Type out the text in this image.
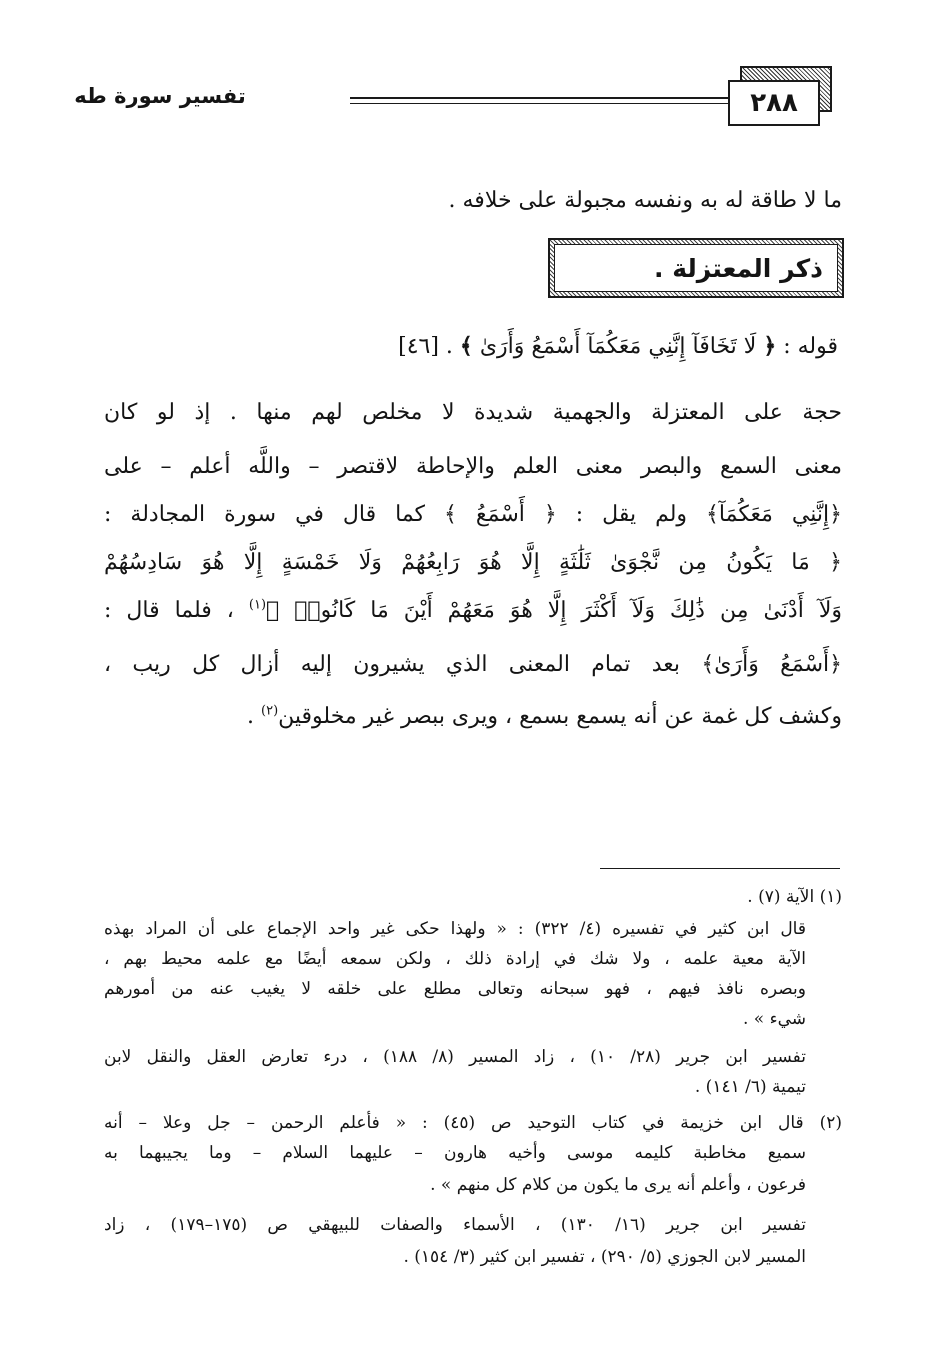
٢٨٨
تفسير سورة طه
ما لا طاقة له به ونفسه مجبولة على خلافه .
ذكر المعتزلة .
قوله : ﴿ لَا تَخَافَآ إِنَّنِي مَعَكُمَآ أَسْمَعُ وَأَرَىٰ ﴾ . [٤٦]
حجة على المعتزلة والجهمية شديدة لا مخلص لهم منها . إذ لو كان
معنى السمع والبصر معنى العلم والإحاطة لاقتصر – واللَّه أعلم – على
﴿إِنَّنِي مَعَكُمَآ﴾ ولم يقل : ﴿ أَسْمَعُ ﴾ كما قال في سورة المجادلة :
﴿ مَا يَكُونُ مِن نَّجْوَىٰ ثَلَٰثَةٍ إِلَّا هُوَ رَابِعُهُمْ وَلَا خَمْسَةٍ إِلَّا هُوَ سَادِسُهُمْ
وَلَآ أَدْنَىٰ مِن ذَٰلِكَ وَلَآ أَكْثَرَ إِلَّا هُوَ مَعَهُمْ أَيْنَ مَا كَانُوا۟ ﴾$^{(١)}$ ، فلما قال :
﴿أَسْمَعُ وَأَرَىٰ﴾ بعد تمام المعنى الذي يشيرون إليه أزال كل ريب ،
وكشف كل غمة عن أنه يسمع بسمع ، ويرى ببصر غير مخلوقين$^{(٢)}$ .
(١) الآية (٧) .
قال ابن كثير في تفسيره (٤/ ٣٢٢) : « ولهذا حكى غير واحد الإجماع على أن المراد بهذه
الآية معية علمه ، ولا شك في إرادة ذلك ، ولكن سمعه أيضًا مع علمه محيط بهم ،
وبصره نافذ فيهم ، فهو سبحانه وتعالى مطلع على خلقه لا يغيب عنه من أمورهم
شيء » .
تفسير ابن جرير (٢٨/ ١٠) ، زاد المسير (٨/ ١٨٨) ، درء تعارض العقل والنقل لابن
تيمية (٦/ ١٤١) .
(٢) قال ابن خزيمة في كتاب التوحيد ص (٤٥) : « فأعلم الرحمن – جل وعلا – أنه
سميع مخاطبة كليمه موسى وأخيه هارون – عليهما السلام – وما يجيبهما به
فرعون ، وأعلم أنه يرى ما يكون من كلام كل منهم » .
تفسير ابن جرير (١٦/ ١٣٠) ، الأسماء والصفات للبيهقي ص (١٧٥–١٧٩) ، زاد
المسير لابن الجوزي (٥/ ٢٩٠) ، تفسير ابن كثير (٣/ ١٥٤) .
